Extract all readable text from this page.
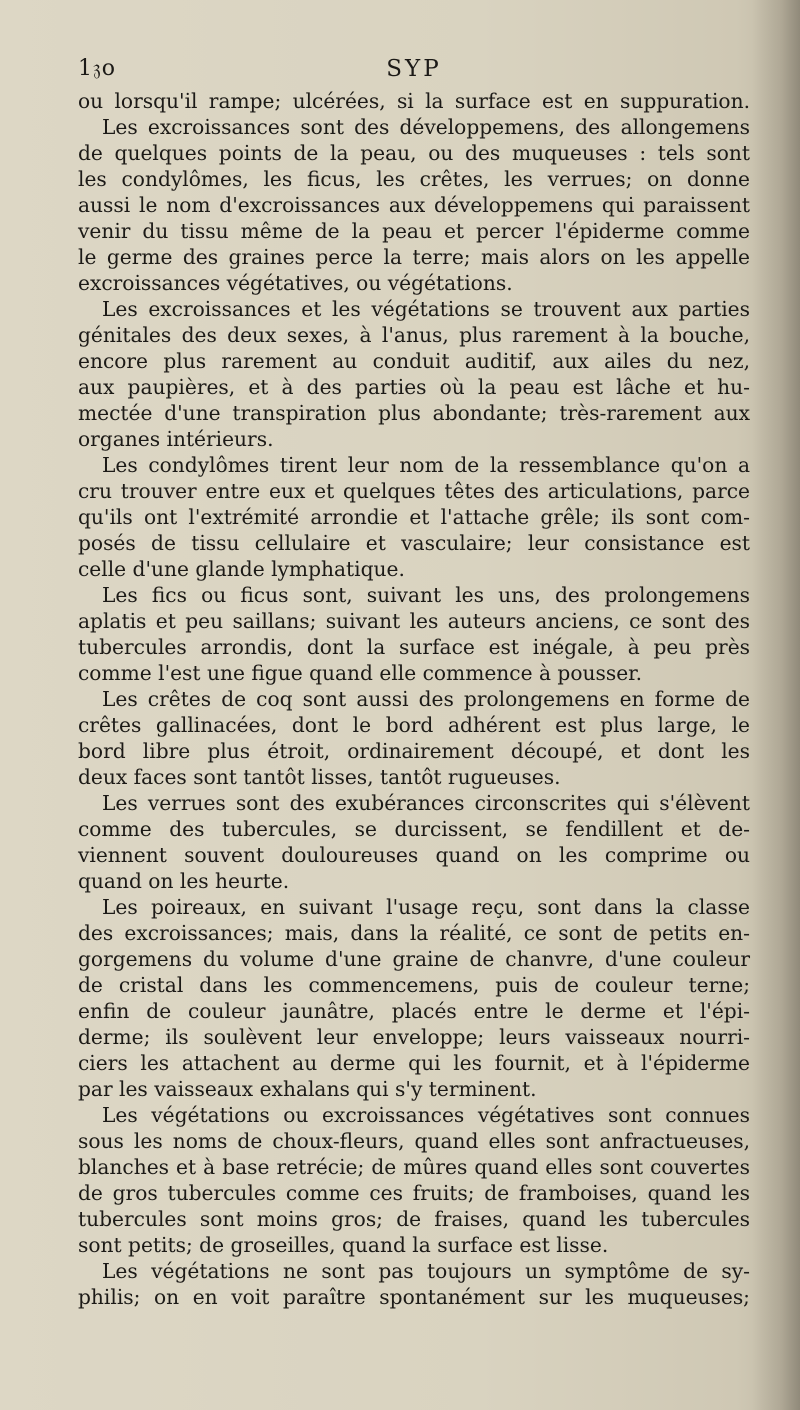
1𝔷o	SYP
ou lorsqu'il rampe; ulcérées, si la surface est en suppuration.
Les excroissances sont des développemens, des allongemens
de quelques points de la peau, ou des muqueuses : tels sont
les condylômes, les ficus, les crêtes, les verrues; on donne
aussi le nom d'excroissances aux développemens qui paraissent
venir du tissu même de la peau et percer l'épiderme comme
le germe des graines perce la terre; mais alors on les appelle
excroissances végétatives, ou végétations.
Les excroissances et les végétations se trouvent aux parties
génitales des deux sexes, à l'anus, plus rarement à la bouche,
encore plus rarement au conduit auditif, aux ailes du nez,
aux paupières, et à des parties où la peau est lâche et hu-
mectée d'une transpiration plus abondante; très-rarement aux
organes intérieurs.
Les condylômes tirent leur nom de la ressemblance qu'on a
cru trouver entre eux et quelques têtes des articulations, parce
qu'ils ont l'extrémité arrondie et l'attache grêle; ils sont com-
posés de tissu cellulaire et vasculaire; leur consistance est
celle d'une glande lymphatique.
Les fics ou ficus sont, suivant les uns, des prolongemens
aplatis et peu saillans; suivant les auteurs anciens, ce sont des
tubercules arrondis, dont la surface est inégale, à peu près
comme l'est une figue quand elle commence à pousser.
Les crêtes de coq sont aussi des prolongemens en forme de
crêtes gallinacées, dont le bord adhérent est plus large, le
bord libre plus étroit, ordinairement découpé, et dont les
deux faces sont tantôt lisses, tantôt rugueuses.
Les verrues sont des exubérances circonscrites qui s'élèvent
comme des tubercules, se durcissent, se fendillent et de-
viennent souvent douloureuses quand on les comprime ou
quand on les heurte.
Les poireaux, en suivant l'usage reçu, sont dans la classe
des excroissances; mais, dans la réalité, ce sont de petits en-
gorgemens du volume d'une graine de chanvre, d'une couleur
de cristal dans les commencemens, puis de couleur terne;
enfin de couleur jaunâtre, placés entre le derme et l'épi-
derme; ils soulèvent leur enveloppe; leurs vaisseaux nourri-
ciers les attachent au derme qui les fournit, et à l'épiderme
par les vaisseaux exhalans qui s'y terminent.
Les végétations ou excroissances végétatives sont connues
sous les noms de choux-fleurs, quand elles sont anfractueuses,
blanches et à base retrécie; de mûres quand elles sont couvertes
de gros tubercules comme ces fruits; de framboises, quand les
tubercules sont moins gros; de fraises, quand les tubercules
sont petits; de groseilles, quand la surface est lisse.
Les végétations ne sont pas toujours un symptôme de sy-
philis; on en voit paraître spontanément sur les muqueuses;
